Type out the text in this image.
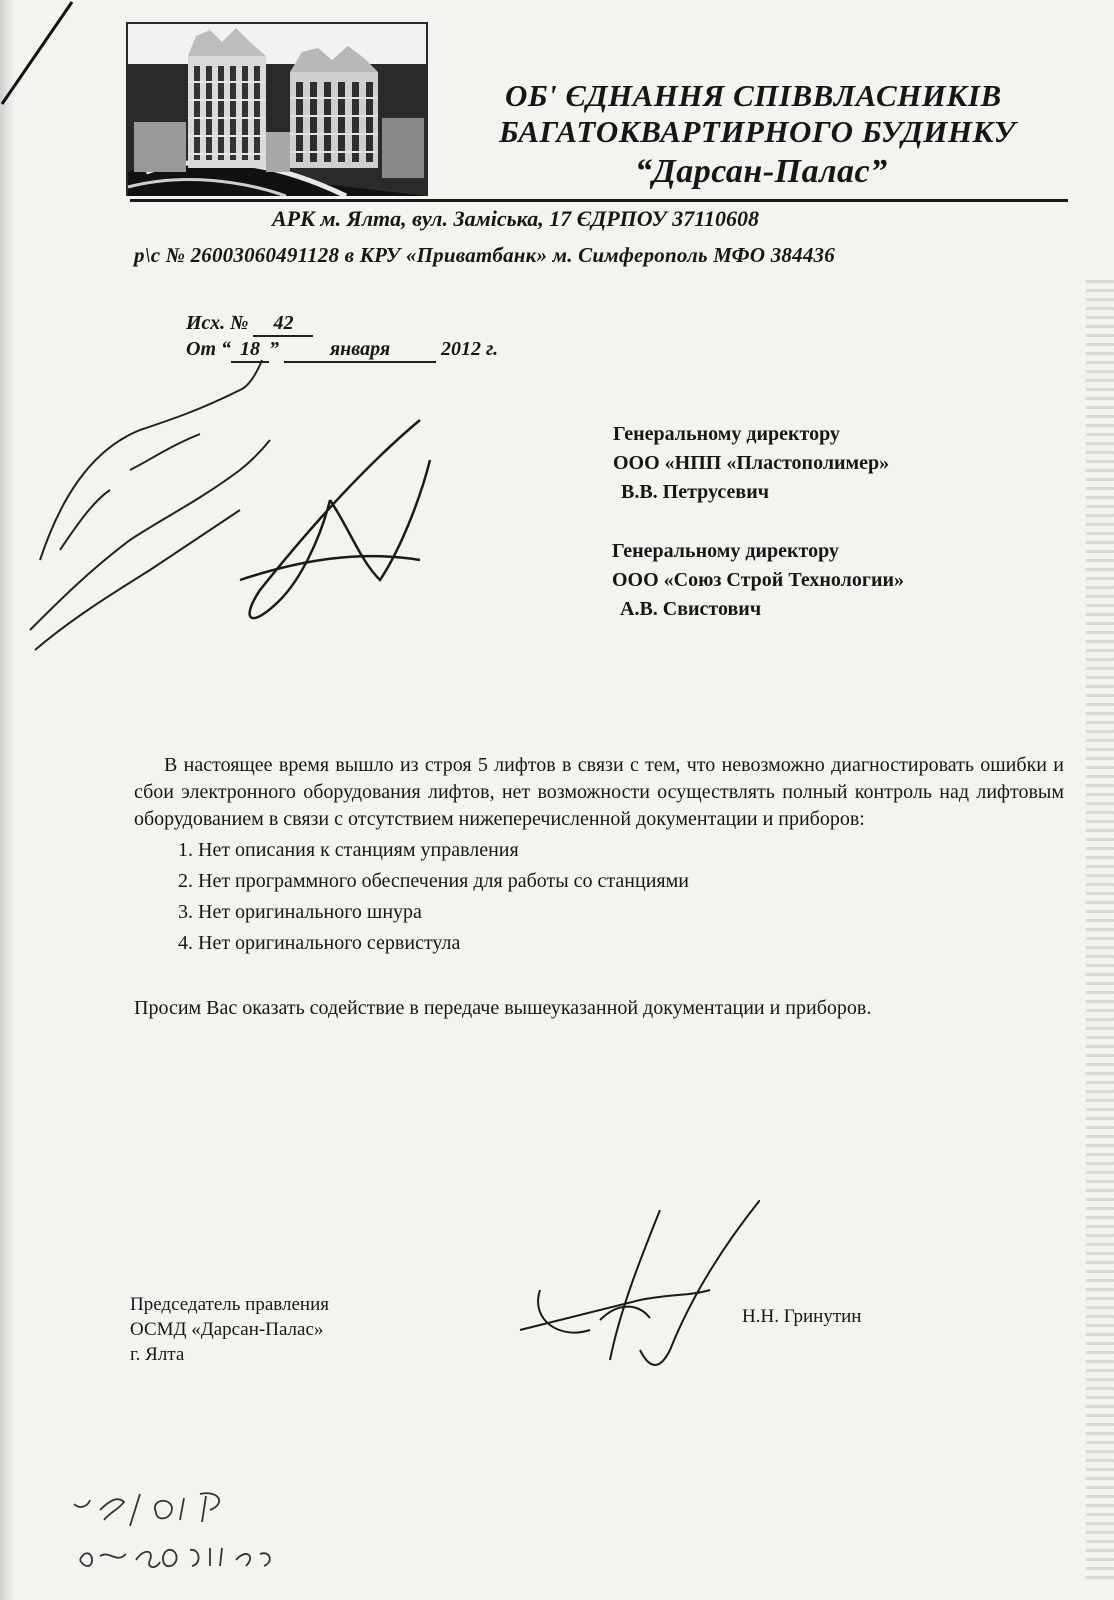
ОБ' ЄДНАННЯ СПІВВЛАСНИКІВ
БАГАТОКВАРТИРНОГО БУДИНКУ
“Дарсан-Палас”
АРК м. Ялта, вул. Заміська, 17 ЄДРПОУ 37110608
р\с № 26003060491128 в КРУ «Приватбанк» м. Симферополь МФО 384436
Исх. № 42
От “ 18 ” января	2012 г.
Генеральному директору
ООО «НПП «Пластополимер»
В.В. Петрусевич
Генеральному директору
ООО «Союз Строй Технологии»
А.В. Свистович
В настоящее время вышло из строя 5 лифтов в связи с тем, что невозможно диагностировать ошибки и сбои электронного оборудования лифтов, нет возможности осуществлять полный контроль над лифтовым оборудованием в связи с отсутствием нижеперечисленной документации и приборов:
1. Нет описания к станциям управления
2. Нет программного обеспечения для работы со станциями
3. Нет оригинального шнура
4. Нет оригинального сервистула
Просим Вас оказать содействие в передаче вышеуказанной документации и приборов.
Председатель правления
ОСМД «Дарсан-Палас»
г. Ялта
Н.Н. Гринутин
